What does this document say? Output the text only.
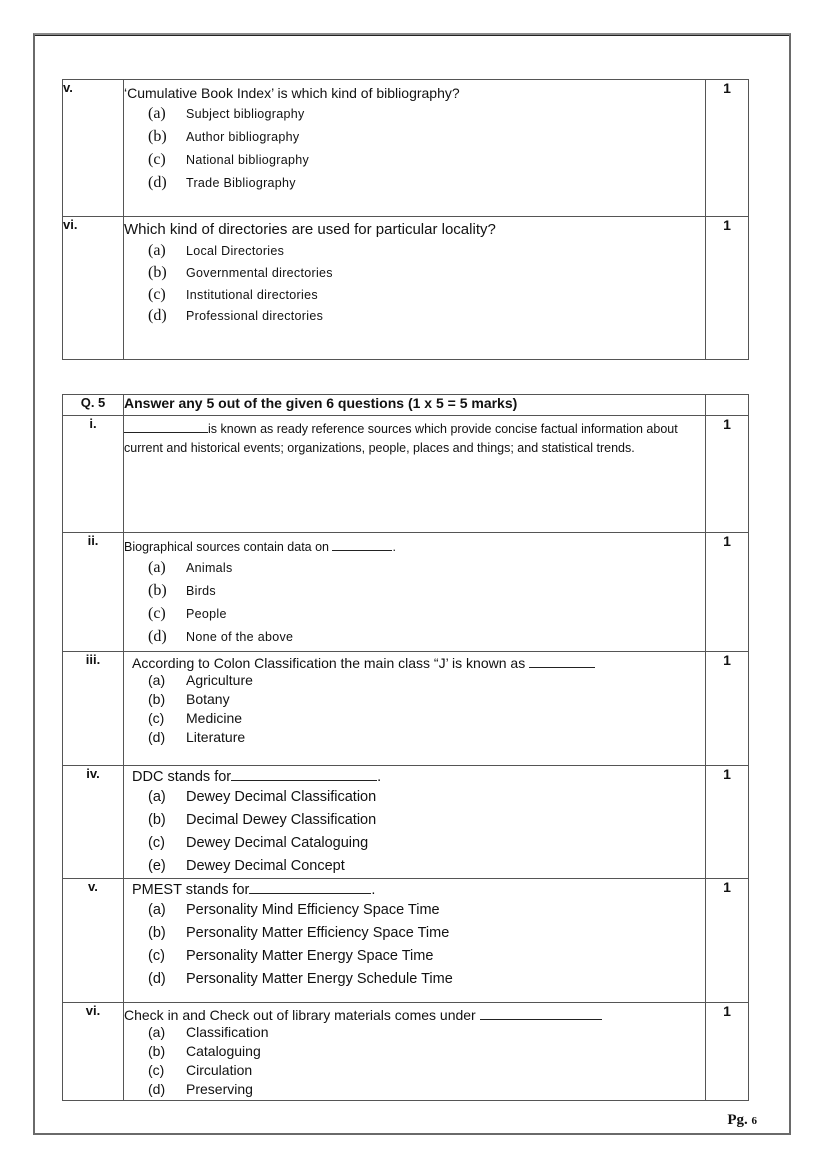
v.	‘Cumulative Book Index’ is which kind of bibliography?
(a)	Subject bibliography
(b)	Author bibliography
(c)	National bibliography
(d)	Trade Bibliography
	1
vi.	Which kind of directories are used for particular locality?
(a)	Local Directories
(b)	Governmental directories
(c)	Institutional directories
(d)	Professional directories
	1
Q. 5	Answer any 5 out of the given 6 questions (1 x 5 = 5 marks)	
i.	is known as ready reference sources which provide concise factual information about current and historical events; organizations, people, places and things; and statistical trends.	1
ii.	Biographical sources contain data on	.
(a)	Animals
(b)	Birds
(c)	People
(d)	None of the above
	1
iii.	According to Colon Classification the main class “J’ is known as
(a)	Agriculture
(b)	Botany
(c)	Medicine
(d)	Literature
	1
iv.	DDC stands for	.
(a)	Dewey Decimal Classification
(b)	Decimal Dewey Classification
(c)	Dewey Decimal Cataloguing
(e)	Dewey Decimal Concept
	1
v.	PMEST stands for	.
(a)	Personality Mind Efficiency Space Time
(b)	Personality Matter Efficiency Space Time
(c)	Personality Matter Energy Space Time
(d)	Personality Matter Energy Schedule Time
	1
vi.	Check in and Check out of library materials comes under
(a)	Classification
(b)	Cataloguing
(c)	Circulation
(d)	Preserving
	1
Pg. 6
